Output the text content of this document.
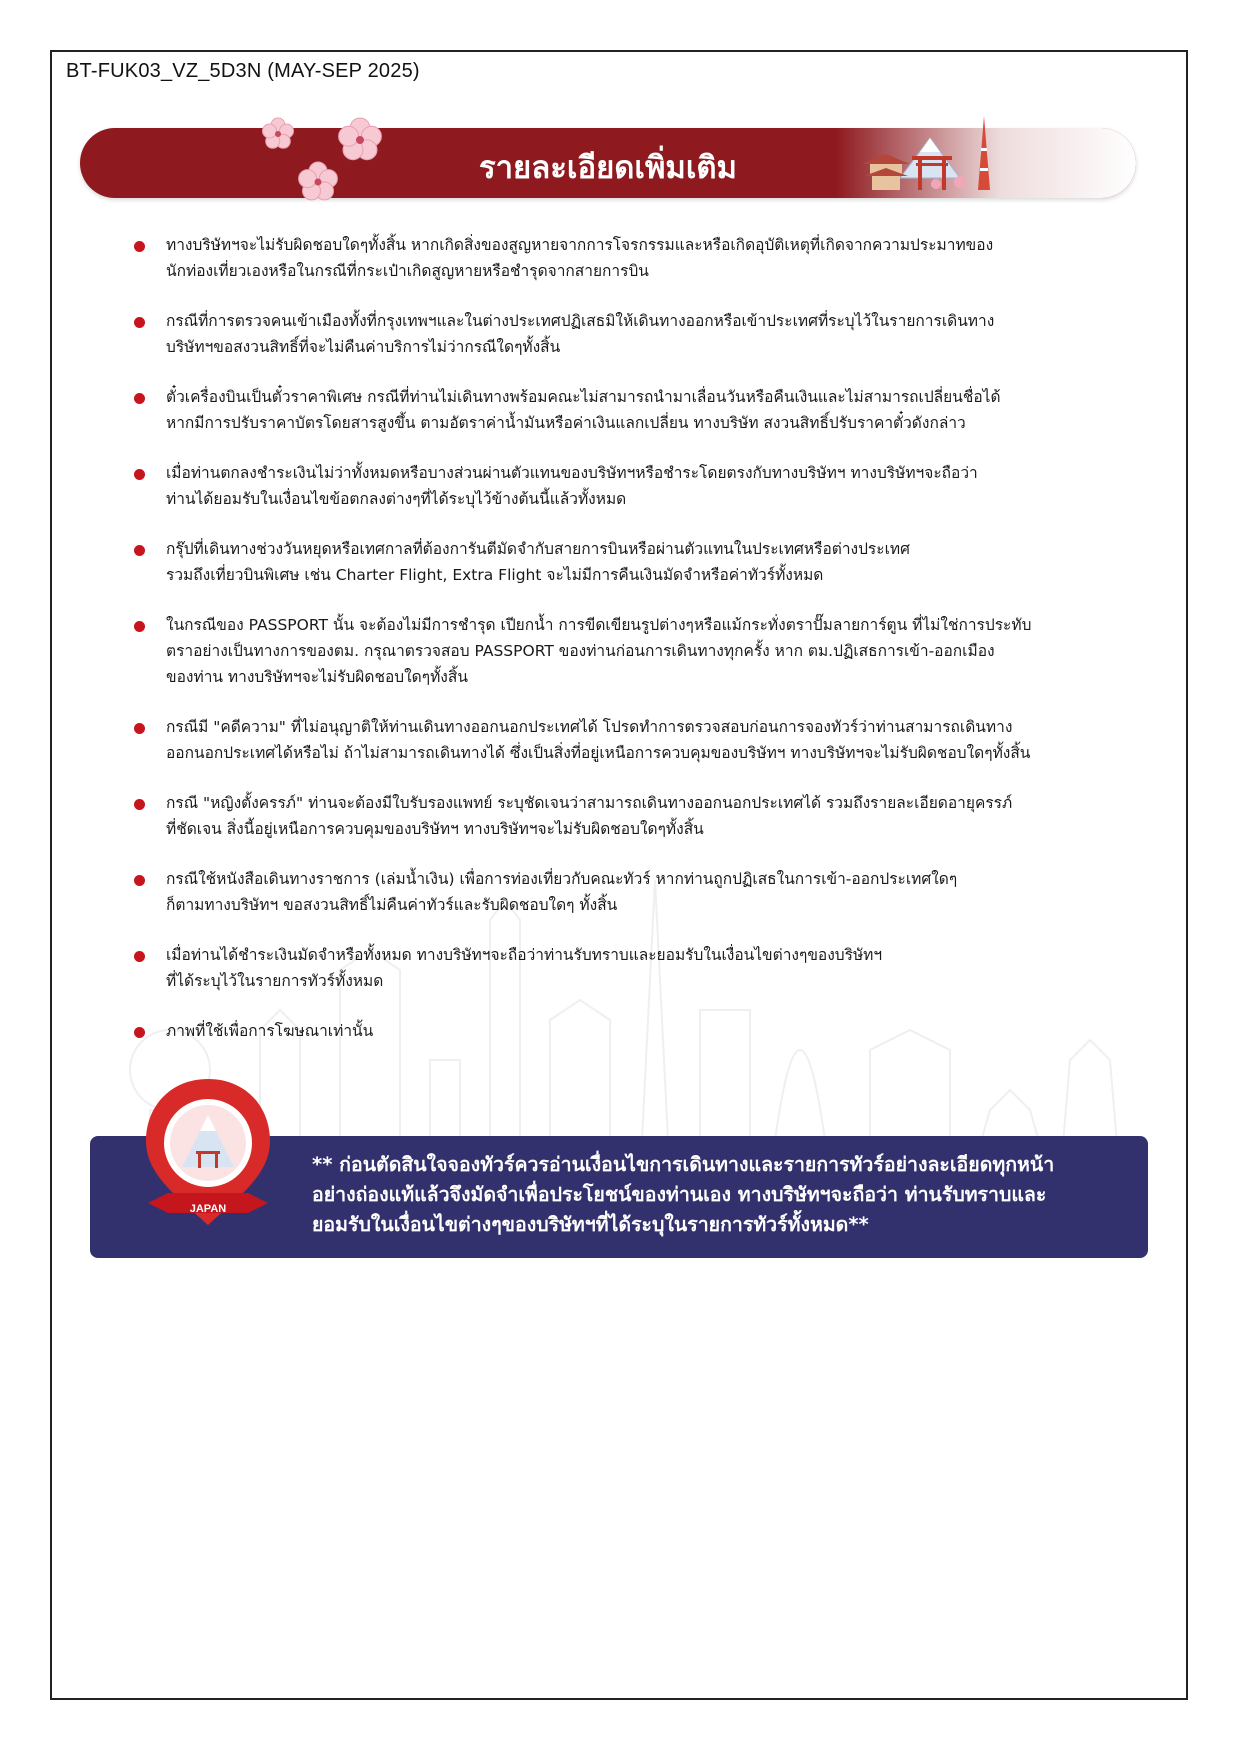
BT-FUK03_VZ_5D3N (MAY-SEP 2025)
รายละเอียดเพิ่มเติม
ทางบริษัทฯจะไม่รับผิดชอบใดๆทั้งสิ้น หากเกิดสิ่งของสูญหายจากการโจรกรรมและหรือเกิดอุบัติเหตุที่เกิดจากความประมาทของ
นักท่องเที่ยวเองหรือในกรณีที่กระเป๋าเกิดสูญหายหรือชำรุดจากสายการบิน
กรณีที่การตรวจคนเข้าเมืองทั้งที่กรุงเทพฯและในต่างประเทศปฏิเสธมิให้เดินทางออกหรือเข้าประเทศที่ระบุไว้ในรายการเดินทาง
บริษัทฯขอสงวนสิทธิ์ที่จะไม่คืนค่าบริการไม่ว่ากรณีใดๆทั้งสิ้น
ตั๋วเครื่องบินเป็นตั๋วราคาพิเศษ กรณีที่ท่านไม่เดินทางพร้อมคณะไม่สามารถนำมาเลื่อนวันหรือคืนเงินและไม่สามารถเปลี่ยนชื่อได้
หากมีการปรับราคาบัตรโดยสารสูงขึ้น ตามอัตราค่าน้ำมันหรือค่าเงินแลกเปลี่ยน ทางบริษัท สงวนสิทธิ์ปรับราคาตั๋วดังกล่าว
เมื่อท่านตกลงชำระเงินไม่ว่าทั้งหมดหรือบางส่วนผ่านตัวแทนของบริษัทฯหรือชำระโดยตรงกับทางบริษัทฯ ทางบริษัทฯจะถือว่า
ท่านได้ยอมรับในเงื่อนไขข้อตกลงต่างๆที่ได้ระบุไว้ข้างต้นนี้แล้วทั้งหมด
กรุ๊ปที่เดินทางช่วงวันหยุดหรือเทศกาลที่ต้องการันตีมัดจำกับสายการบินหรือผ่านตัวแทนในประเทศหรือต่างประเทศ
รวมถึงเที่ยวบินพิเศษ เช่น Charter Flight, Extra Flight จะไม่มีการคืนเงินมัดจำหรือค่าทัวร์ทั้งหมด
ในกรณีของ PASSPORT นั้น จะต้องไม่มีการชำรุด เปียกน้ำ การขีดเขียนรูปต่างๆหรือแม้กระทั่งตราปั๊มลายการ์ตูน ที่ไม่ใช่การประทับ
ตราอย่างเป็นทางการของตม. กรุณาตรวจสอบ PASSPORT ของท่านก่อนการเดินทางทุกครั้ง หาก ตม.ปฏิเสธการเข้า-ออกเมือง
ของท่าน ทางบริษัทฯจะไม่รับผิดชอบใดๆทั้งสิ้น
กรณีมี "คดีความ" ที่ไม่อนุญาติให้ท่านเดินทางออกนอกประเทศได้ โปรดทำการตรวจสอบก่อนการจองทัวร์ว่าท่านสามารถเดินทาง
ออกนอกประเทศได้หรือไม่ ถ้าไม่สามารถเดินทางได้ ซึ่งเป็นสิ่งที่อยู่เหนือการควบคุมของบริษัทฯ ทางบริษัทฯจะไม่รับผิดชอบใดๆทั้งสิ้น
กรณี "หญิงตั้งครรภ์" ท่านจะต้องมีใบรับรองแพทย์ ระบุชัดเจนว่าสามารถเดินทางออกนอกประเทศได้ รวมถึงรายละเอียดอายุครรภ์
ที่ชัดเจน สิ่งนี้อยู่เหนือการควบคุมของบริษัทฯ ทางบริษัทฯจะไม่รับผิดชอบใดๆทั้งสิ้น
กรณีใช้หนังสือเดินทางราชการ (เล่มน้ำเงิน) เพื่อการท่องเที่ยวกับคณะทัวร์ หากท่านถูกปฏิเสธในการเข้า-ออกประเทศใดๆ
ก็ตามทางบริษัทฯ ขอสงวนสิทธิ์ไม่คืนค่าทัวร์และรับผิดชอบใดๆ ทั้งสิ้น
เมื่อท่านได้ชำระเงินมัดจำหรือทั้งหมด ทางบริษัทฯจะถือว่าท่านรับทราบและยอมรับในเงื่อนไขต่างๆของบริษัทฯ
ที่ได้ระบุไว้ในรายการทัวร์ทั้งหมด
ภาพที่ใช้เพื่อการโฆษณาเท่านั้น
** ก่อนตัดสินใจจองทัวร์ควรอ่านเงื่อนไขการเดินทางและรายการทัวร์อย่างละเอียดทุกหน้า
อย่างถ่องแท้แล้วจึงมัดจำเพื่อประโยชน์ของท่านเอง ทางบริษัทฯจะถือว่า ท่านรับทราบและ
ยอมรับในเงื่อนไขต่างๆของบริษัทฯที่ได้ระบุในรายการทัวร์ทั้งหมด**
JAPAN
